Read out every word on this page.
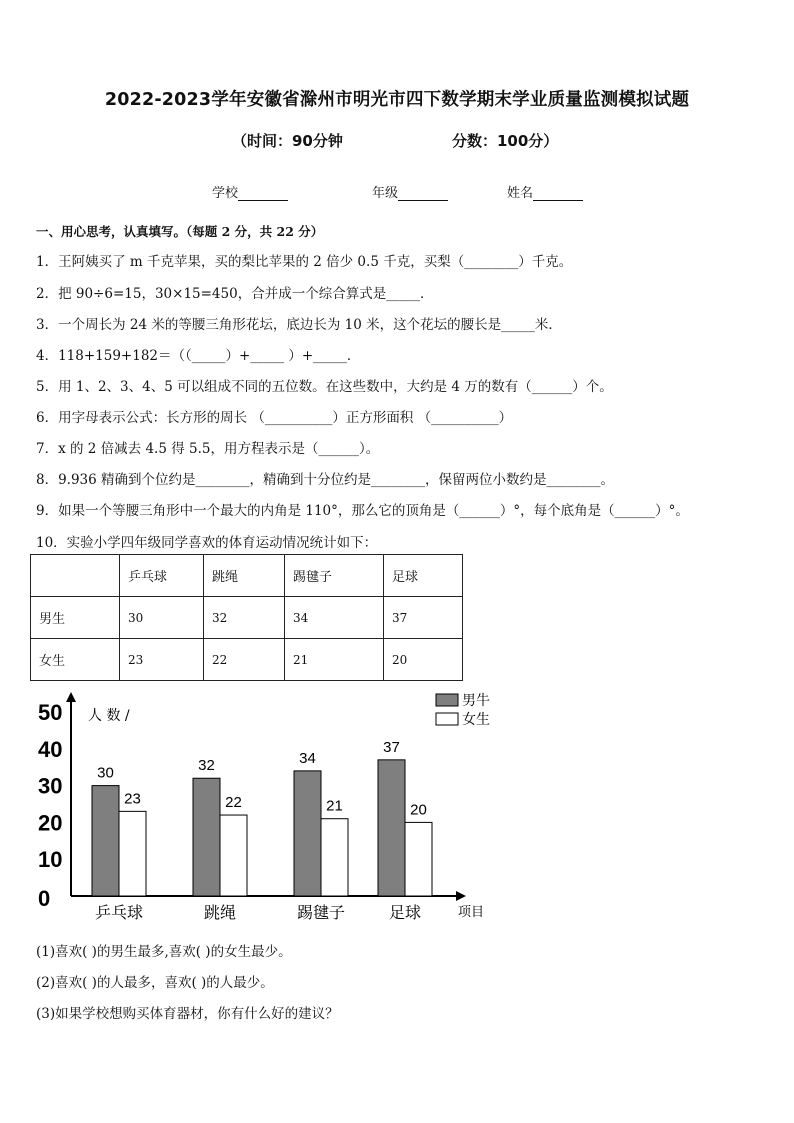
2022-2023学年安徽省滁州市明光市四下数学期末学业质量监测模拟试题
（时间：90分钟	分数：100分）
学校	年级	姓名
一、用心思考，认真填写。（每题 2 分，共 22 分）
1．王阿姨买了 m 千克苹果，买的梨比苹果的 2 倍少 0.5 千克，买梨（________）千克。
2．把 90÷6=15，30×15=450，合并成一个综合算式是_____．
3．一个周长为 24 米的等腰三角形花坛，底边长为 10 米，这个花坛的腰长是_____米．
4．118+159+182＝（（_____）+_____ ）+_____．
5．用 1、2、3、4、5 可以组成不同的五位数。在这些数中，大约是 4 万的数有（______）个。
6．用字母表示公式：长方形的周长 （__________）正方形面积 （__________）
7．x 的 2 倍减去 4.5 得 5.5，用方程表示是（______）。
8．9.936 精确到个位约是________，精确到十分位约是________，保留两位小数约是________。
9．如果一个等腰三角形中一个最大的内角是 110°，那么它的顶角是（______）°，每个底角是（______）°。
10．实验小学四年级同学喜欢的体育运动情况统计如下：
	乒乓球	跳绳	踢毽子	足球
男生	30	32	34	37
女生	23	22	21	20
人 数 /
项目
0
10
20
30
40
50
30
23
32
22
34
21
37
20
乒乓球	跳绳	踢毽子	足球
男牛
女生
(1)喜欢( )的男生最多,喜欢( )的女生最少。
(2)喜欢( )的人最多，喜欢( )的人最少。
(3)如果学校想购买体育器材，你有什么好的建议？
